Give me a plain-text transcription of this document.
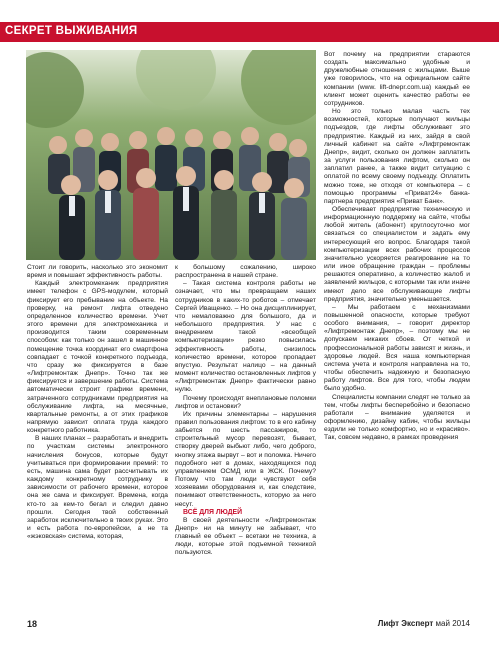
СЕКРЕТ ВЫЖИВАНИЯ

Стоит ли говорить, насколько это экономит время и повышает эффективность работы.

Каждый электромеханик предприятия имеет телефон с GPS-модулем, который фиксирует его пребывание на объекте. На проверку, на ремонт лифта отведено определенное количество времени. Учет этого времени для электромеханика и производится таким современным способом: как только он зашел в машинное помещение точка координат его смартфона совпадает с точкой конкретного подъезда, что сразу же фиксируется в базе «Лифтремонтаж Днепр». Точно так же фиксируется и завершение работы. Система автоматически строит графики времени, затраченного сотрудниками предприятия на обслуживание лифта, на месячные, квартальные ремонты, а от этих графиков напрямую зависит оплата труда каждого конкретного работника.

В наших планах – разработать и внедрить по участкам системы электронного начисления бонусов, которые будут учитываться при формировании премий: то есть, машина сама будет рассчитывать их каждому конкретному сотруднику в зависимости от рабочего времени, которое она же сама и фиксирует. Времена, когда кто-то за кем-то бегал и следил давно прошли. Сегодня твой собственный заработок исключительно в твоих руках. Это и есть работа по-европейски, а не та «жэковская» система, которая,

к большому сожалению, широко распространена в нашей стране.

– Такая система контроля работы не означает, что мы превращаем наших сотрудников в каких-то роботов – отмечает Сергей Иващенко. – Но она дисциплинирует, что немаловажно для большого, да и небольшого предприятия. У нас с внедрением такой «всеобщей компьютеризации» резко повысилась эффективность работы, снизилось количество времени, которое пропадает впустую. Результат налицо – на данный момент количество остановленных лифтов у «Лифтремонтаж Днепр» фактически равно нулю.

Почему происходят внеплановые поломки лифтов и остановки?

Их причины элементарны – нарушения правил пользования лифтом: то в его кабину забьется по шесть пассажиров, то строительный мусор перевозят, бывает, створку дверей выбьют либо, чего доброго, кнопку этажа вырвут – вот и поломка. Ничего подобного нет в домах, находящихся под управлением ОСМД или в ЖСК. Почему? Потому что там люди чувствуют себя хозяевами оборудования и, как следствие, понимают ответственность, которую за него несут.

ВСЁ ДЛЯ ЛЮДЕЙ

В своей деятельности «Лифтремонтаж Днепр» ни на минуту не забывает, что главный ее объект – всетаки не техника, а люди, которые этой подъемной техникой пользуются.

Вот почему на предприятии стараются создать максимально удобные и дружелюбные отношения с жильцами. Выше уже говорилось, что на официальном сайте компании (www. lift-dnepr.com.ua) каждый ее клиент может оценить качество работы ее сотрудников.

Но это только малая часть тех возможностей, которые получают жильцы подъездов, где лифты обслуживает это предприятие. Каждый из них, зайдя в свой личный кабинет на сайте «Лифтремонтаж Днепр», видит, сколько он должен заплатить за услуги пользования лифтом, сколько он заплатил ранее, а также видит ситуацию с оплатой по всему своему подъезду. Оплатить можно тоже, не отходя от компьютера – с помощью программы «Приват24» банка-партнера предприятия «Приват Банк».

Обеспечивает предприятие техническую и информационную поддержку на сайте, чтобы любой житель (абонент) круглосуточно мог связаться со специалистом и задать ему интересующий его вопрос. Благодаря такой компьютеризации всех рабочих процессов значительно ускоряется реагирование на то или иное обращение граждан – проблемы решаются оперативно, а количество жалоб и заявлений жильцов, с которыми так или иначе имеют дело все обслуживающие лифты предприятия, значительно уменьшается.

– Мы работаем с механизмами повышенной опасности, которые требуют особого внимания, – говорит директор «Лифтремонтаж Днепр», – поэтому мы не допускаем никаких сбоев. От четкой и профессиональной работы зависят и жизнь, и здоровье людей. Вся наша компьютерная система учета и контроля направлена на то, чтобы обеспечить надежную и безопасную работу лифтов. Все для того, чтобы людям было удобно.

Специалисты компании следят не только за тем, чтобы лифты бесперебойно и безопасно работали – внимание уделяется и оформлению, дизайну кабин, чтобы жильцы ездили не только комфортно, но и «красиво». Так, совсем недавно, в рамках проведения

18	Лифт Эксперт май 2014
